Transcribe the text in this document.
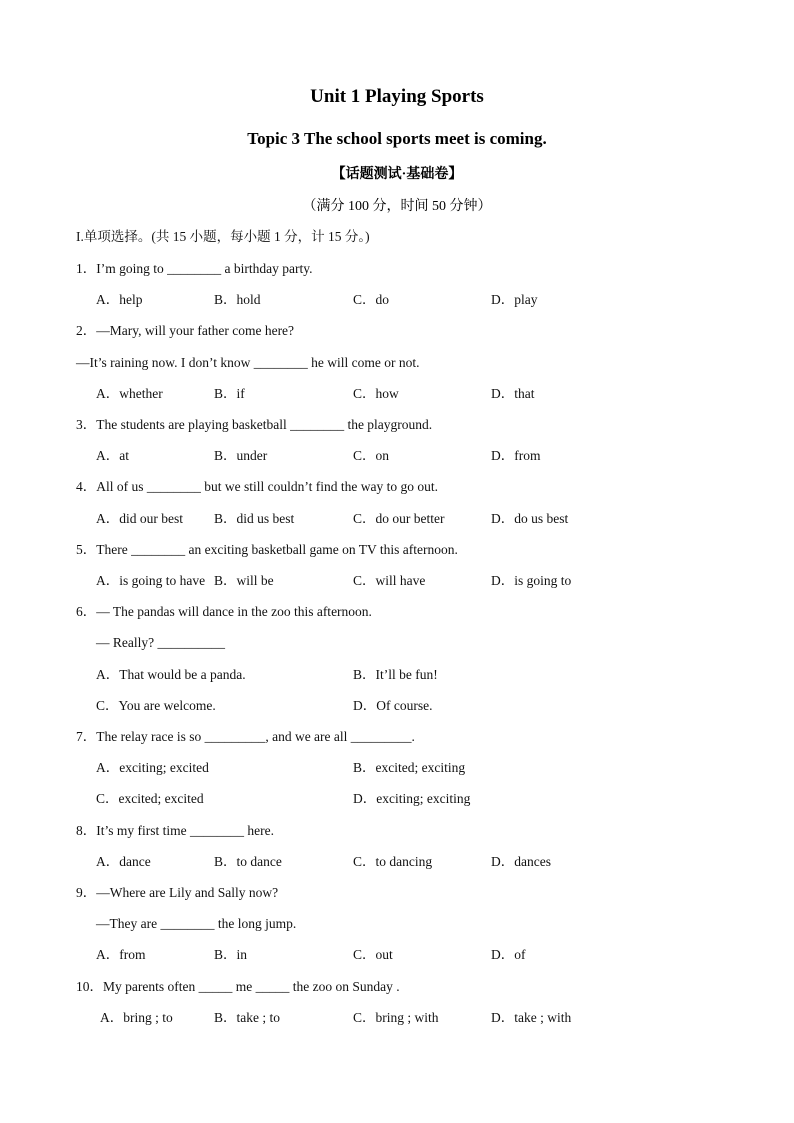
Unit 1 Playing Sports
Topic 3 The school sports meet is coming.
【话题测试·基础卷】
（满分 100 分，时间 50 分钟）
I.单项选择。(共 15 小题，每小题 1 分，计 15 分。)
1．I’m going to ________ a birthday party.
A．help	B．hold	C．do	D．play
2．—Mary, will your father come here?
—It’s raining now. I don’t know ________ he will come or not.
A．whether	B．if	C．how	D．that
3．The students are playing basketball ________ the playground.
A．at	B．under	C．on	D．from
4．All of us ________ but we still couldn’t find the way to go out.
A．did our best B．did us best	C．do our better	D．do us best
5．There ________ an exciting basketball game on TV this afternoon.
A．is going to have B．will be	C．will have	D．is going to
6．— The pandas will dance in the zoo this afternoon.
— Really? __________
A．That would be a panda.	B．It’ll be fun!
C．You are welcome.	D．Of course.
7．The relay race is so _________, and we are all _________.
A．exciting; excited	B．excited; exciting
C．excited; excited	D．exciting; exciting
8．It’s my first time ________ here.
A．dance	B．to dance	C．to dancing	D．dances
9．—Where are Lily and Sally now?
—They are ________ the long jump.
A．from	B．in	C．out	D．of
10．My parents often _____ me _____ the zoo on Sunday .
A．bring ; to	B．take ; to	C．bring ; with	D．take ; with
